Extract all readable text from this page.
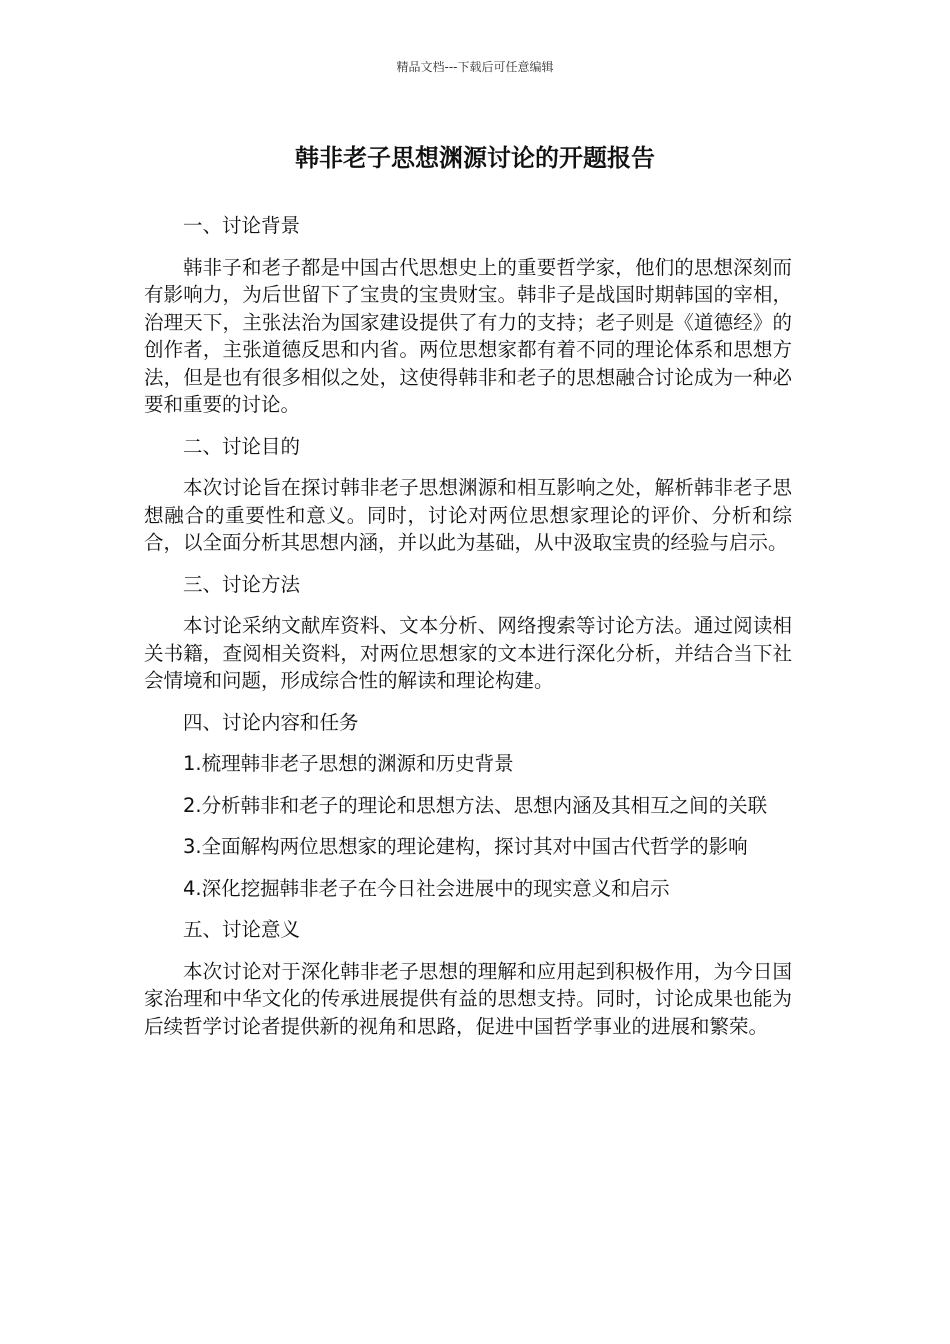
精品文档---下载后可任意编辑
韩非老子思想渊源讨论的开题报告

一、讨论背景

韩非子和老子都是中国古代思想史上的重要哲学家，他们的思想深刻而有影响力，为后世留下了宝贵的宝贵财宝。韩非子是战国时期韩国的宰相，治理天下，主张法治为国家建设提供了有力的支持；老子则是《道德经》的创作者，主张道德反思和内省。两位思想家都有着不同的理论体系和思想方法，但是也有很多相似之处，这使得韩非和老子的思想融合讨论成为一种必要和重要的讨论。

二、讨论目的

本次讨论旨在探讨韩非老子思想渊源和相互影响之处，解析韩非老子思想融合的重要性和意义。同时，讨论对两位思想家理论的评价、分析和综合，以全面分析其思想内涵，并以此为基础，从中汲取宝贵的经验与启示。

三、讨论方法

本讨论采纳文献库资料、文本分析、网络搜索等讨论方法。通过阅读相关书籍，查阅相关资料，对两位思想家的文本进行深化分析，并结合当下社会情境和问题，形成综合性的解读和理论构建。

四、讨论内容和任务

1.梳理韩非老子思想的渊源和历史背景

2.分析韩非和老子的理论和思想方法、思想内涵及其相互之间的关联

3.全面解构两位思想家的理论建构，探讨其对中国古代哲学的影响

4.深化挖掘韩非老子在今日社会进展中的现实意义和启示

五、讨论意义

本次讨论对于深化韩非老子思想的理解和应用起到积极作用，为今日国家治理和中华文化的传承进展提供有益的思想支持。同时，讨论成果也能为后续哲学讨论者提供新的视角和思路，促进中国哲学事业的进展和繁荣。
